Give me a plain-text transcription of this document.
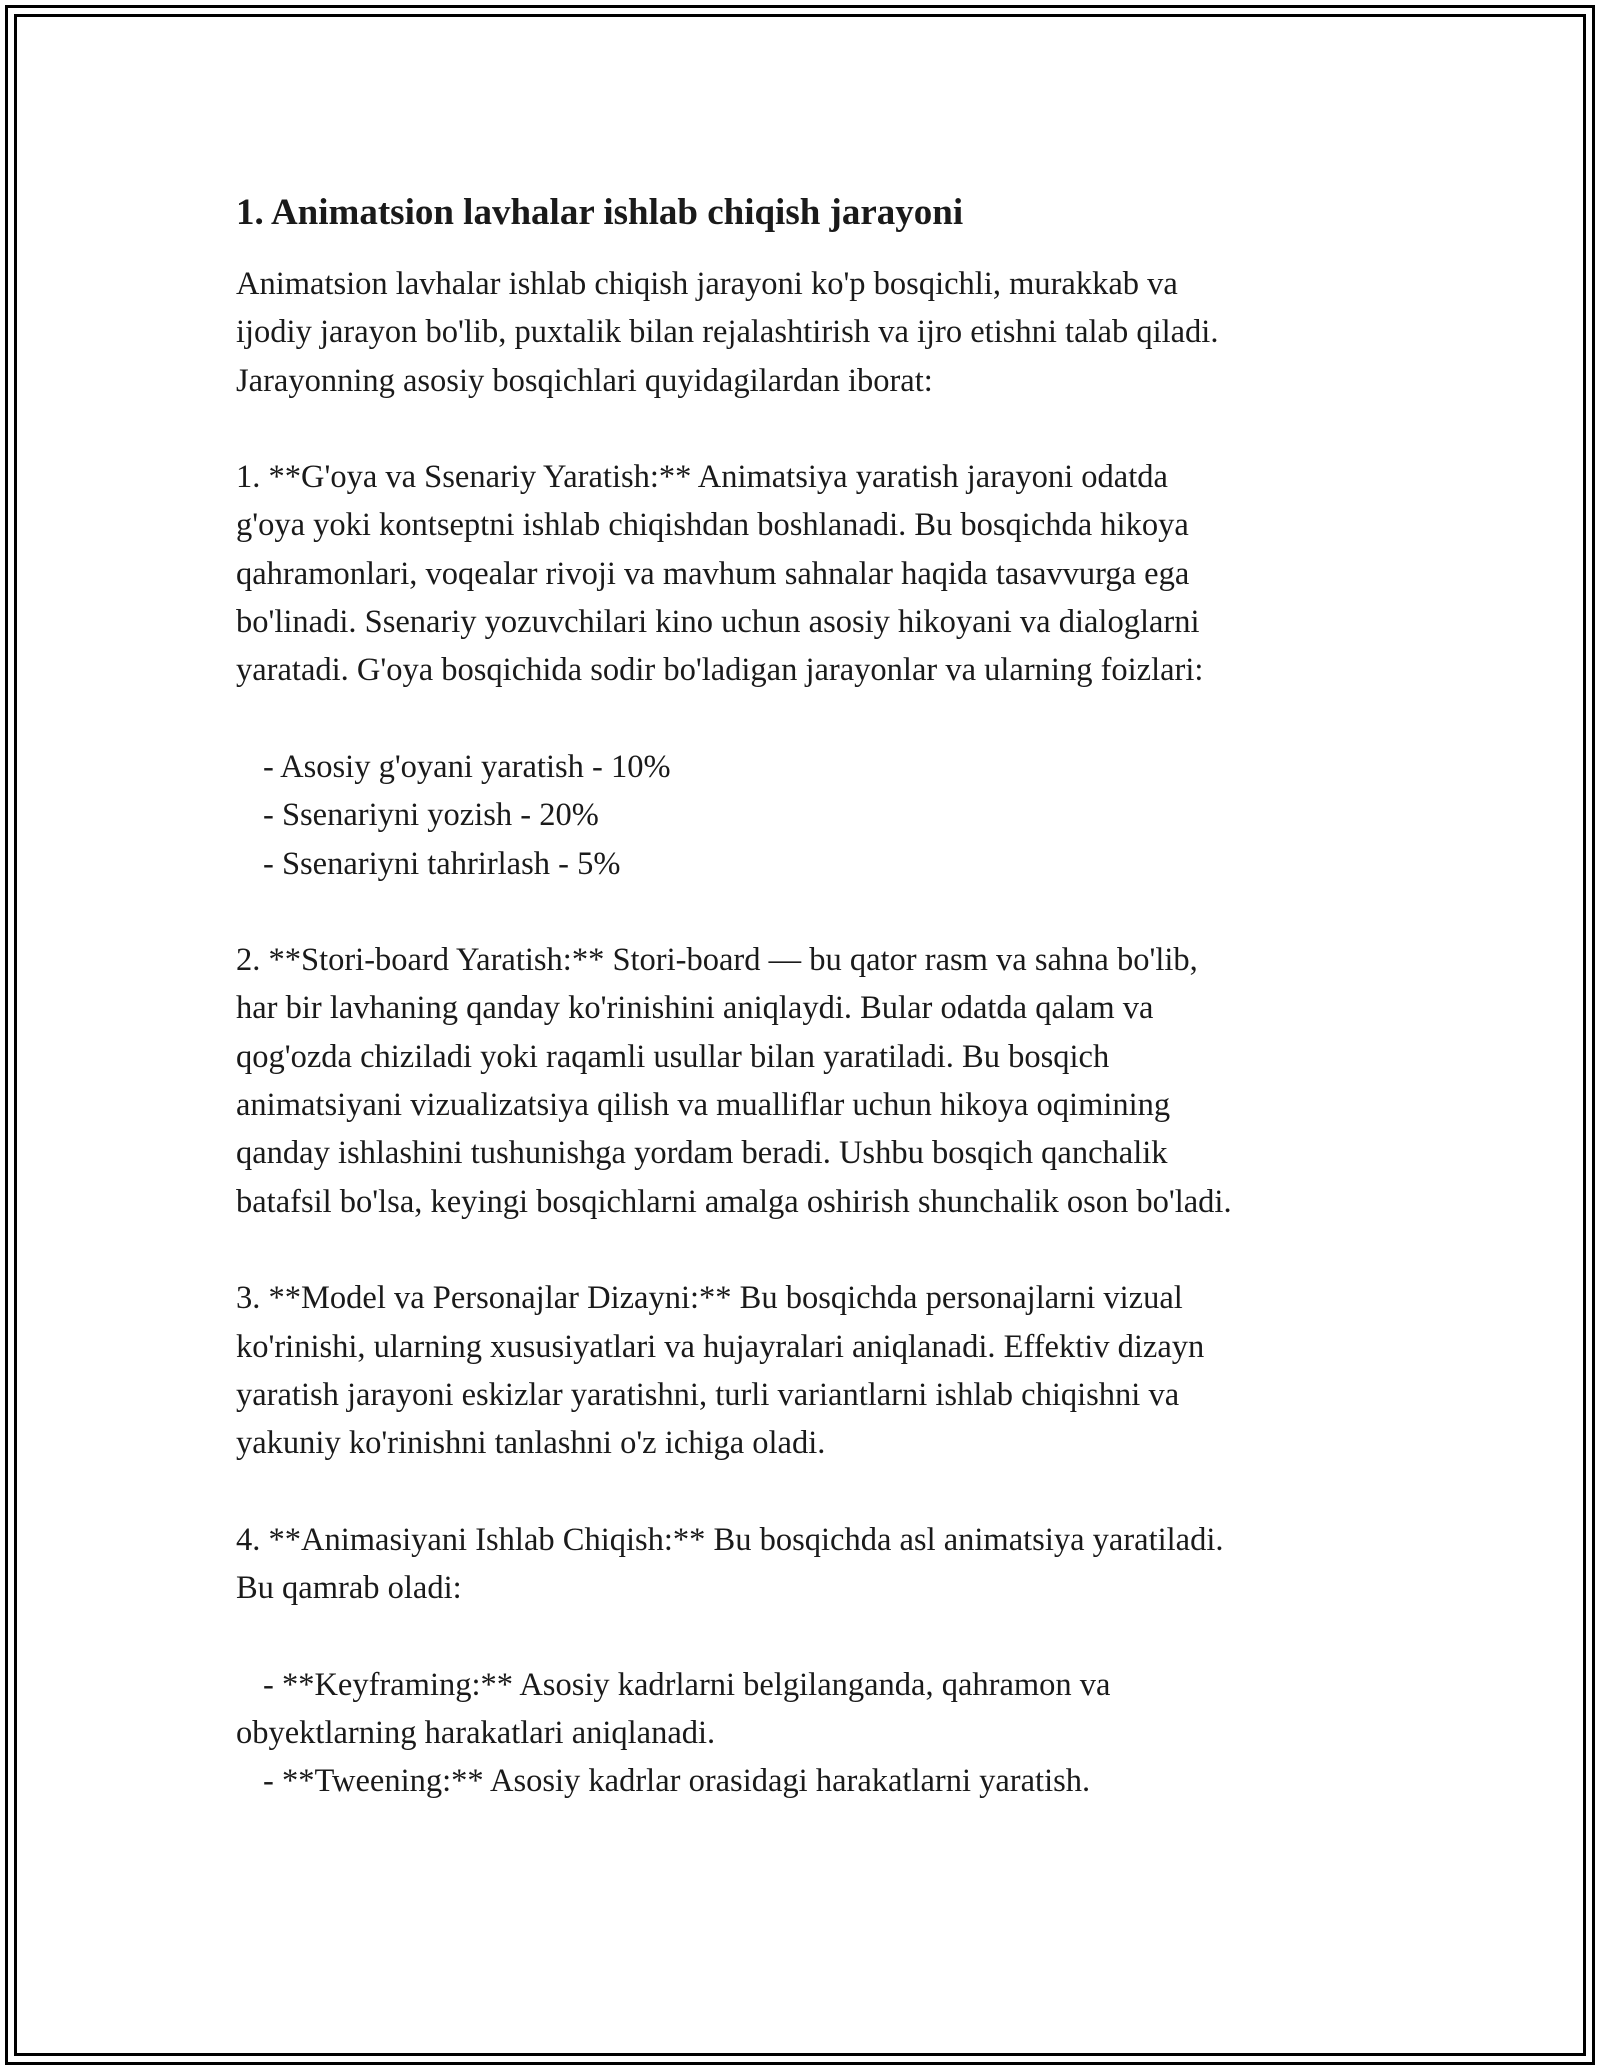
1. Animatsion lavhalar ishlab chiqish jarayoni
Animatsion lavhalar ishlab chiqish jarayoni ko'p bosqichli, murakkab va
ijodiy jarayon bo'lib, puxtalik bilan rejalashtirish va ijro etishni talab qiladi.
Jarayonning asosiy bosqichlari quyidagilardan iborat:
1. **G'oya va Ssenariy Yaratish:** Animatsiya yaratish jarayoni odatda
g'oya yoki kontseptni ishlab chiqishdan boshlanadi. Bu bosqichda hikoya
qahramonlari, voqealar rivoji va mavhum sahnalar haqida tasavvurga ega
bo'linadi. Ssenariy yozuvchilari kino uchun asosiy hikoyani va dialoglarni
yaratadi. G'oya bosqichida sodir bo'ladigan jarayonlar va ularning foizlari:
- Asosiy g'oyani yaratish - 10%
- Ssenariyni yozish - 20%
- Ssenariyni tahrirlash - 5%
2. **Stori-board Yaratish:** Stori-board — bu qator rasm va sahna bo'lib,
har bir lavhaning qanday ko'rinishini aniqlaydi. Bular odatda qalam va
qog'ozda chiziladi yoki raqamli usullar bilan yaratiladi. Bu bosqich
animatsiyani vizualizatsiya qilish va mualliflar uchun hikoya oqimining
qanday ishlashini tushunishga yordam beradi. Ushbu bosqich qanchalik
batafsil bo'lsa, keyingi bosqichlarni amalga oshirish shunchalik oson bo'ladi.
3. **Model va Personajlar Dizayni:** Bu bosqichda personajlarni vizual
ko'rinishi, ularning xususiyatlari va hujayralari aniqlanadi. Effektiv dizayn
yaratish jarayoni eskizlar yaratishni, turli variantlarni ishlab chiqishni va
yakuniy ko'rinishni tanlashni o'z ichiga oladi.
4. **Animasiyani Ishlab Chiqish:** Bu bosqichda asl animatsiya yaratiladi.
Bu qamrab oladi:
- **Keyframing:** Asosiy kadrlarni belgilanganda, qahramon va
obyektlarning harakatlari aniqlanadi.
- **Tweening:** Asosiy kadrlar orasidagi harakatlarni yaratish.
